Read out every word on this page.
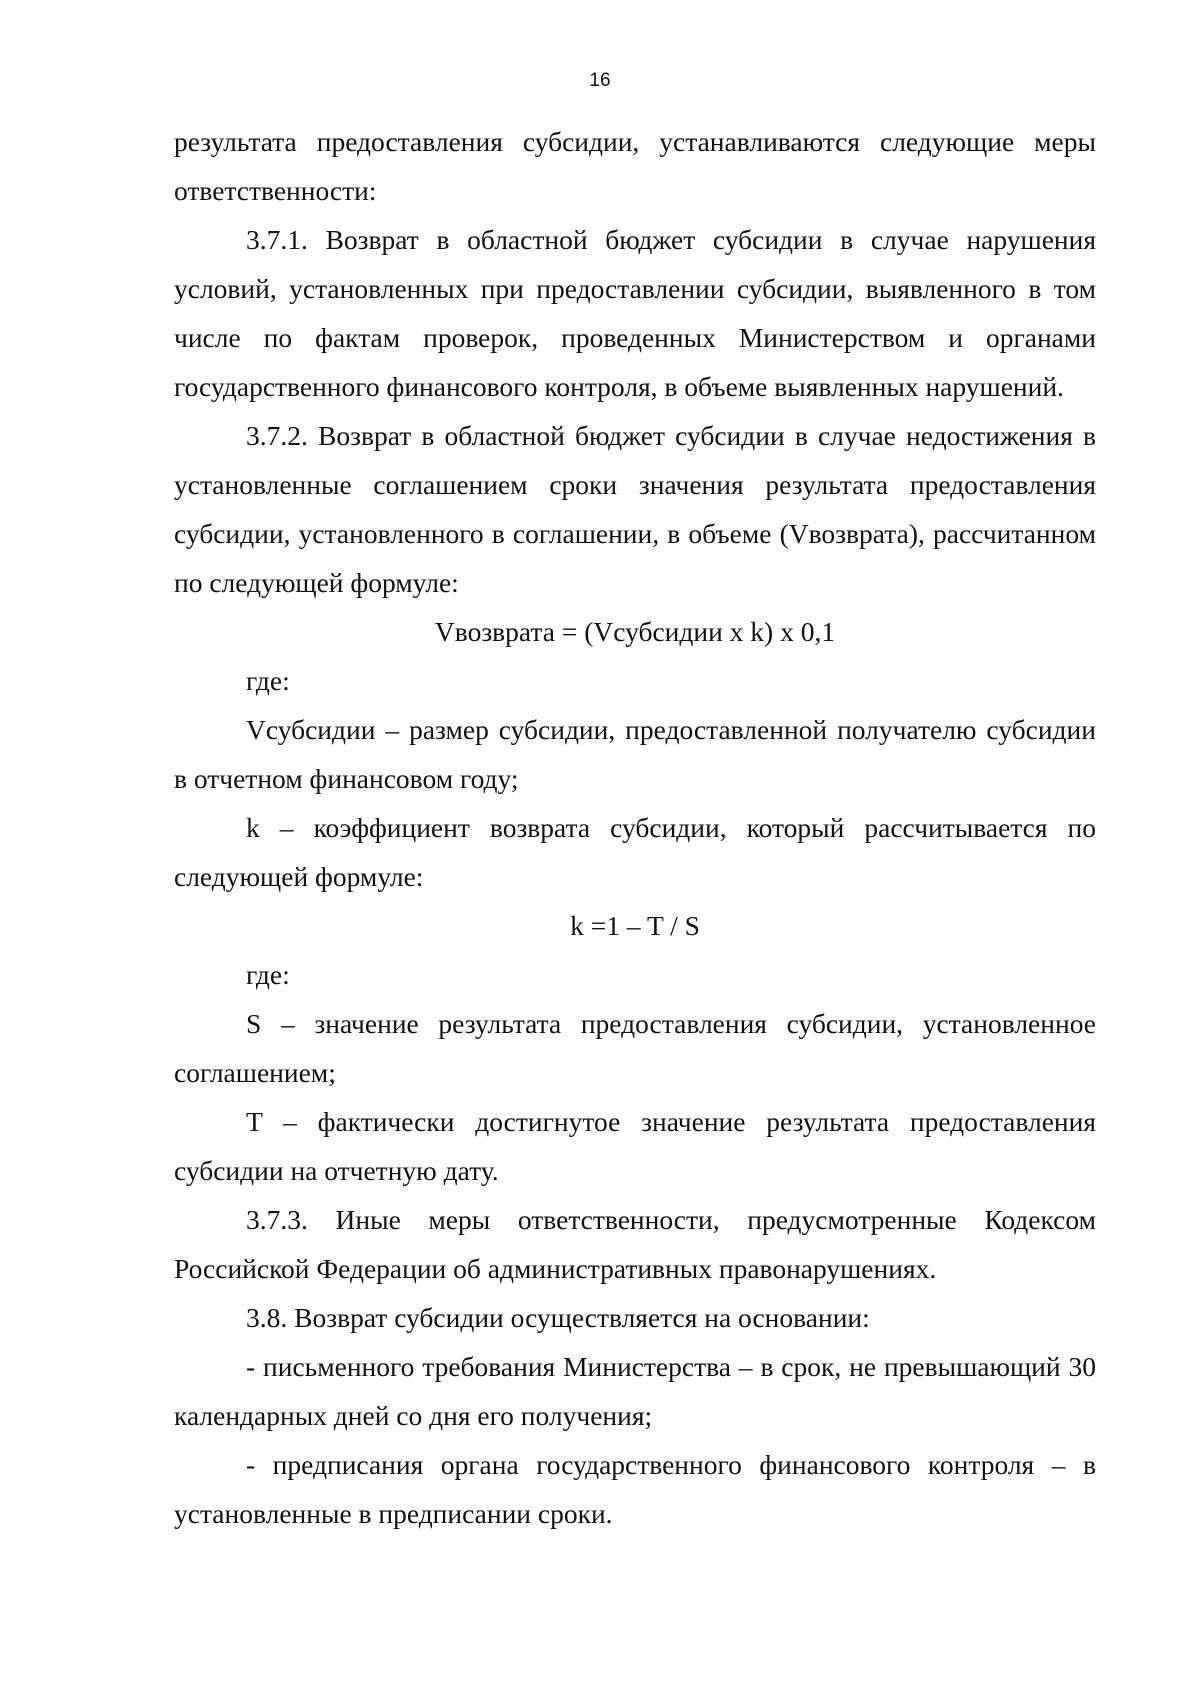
16

результата предоставления субсидии, устанавливаются следующие меры ответственности:

3.7.1. Возврат в областной бюджет субсидии в случае нарушения условий, установленных при предоставлении субсидии, выявленного в том числе по фактам проверок, проведенных Министерством и органами государственного финансового контроля, в объеме выявленных нарушений.

3.7.2. Возврат в областной бюджет субсидии в случае недостижения в установленные соглашением сроки значения результата предоставления субсидии, установленного в соглашении, в объеме (Vвозврата), рассчитанном по следующей формуле:

Vвозврата = (Vсубсидии x k) x 0,1

где:

Vсубсидии – размер субсидии, предоставленной получателю субсидии в отчетном финансовом году;

k – коэффициент возврата субсидии, который рассчитывается по следующей формуле:

k =1 – T / S

где:

S – значение результата предоставления субсидии, установленное соглашением;

T – фактически достигнутое значение результата предоставления субсидии на отчетную дату.

3.7.3. Иные меры ответственности, предусмотренные Кодексом Российской Федерации об административных правонарушениях.

3.8. Возврат субсидии осуществляется на основании:

- письменного требования Министерства – в срок, не превышающий 30 календарных дней со дня его получения;

- предписания органа государственного финансового контроля – в установленные в предписании сроки.
